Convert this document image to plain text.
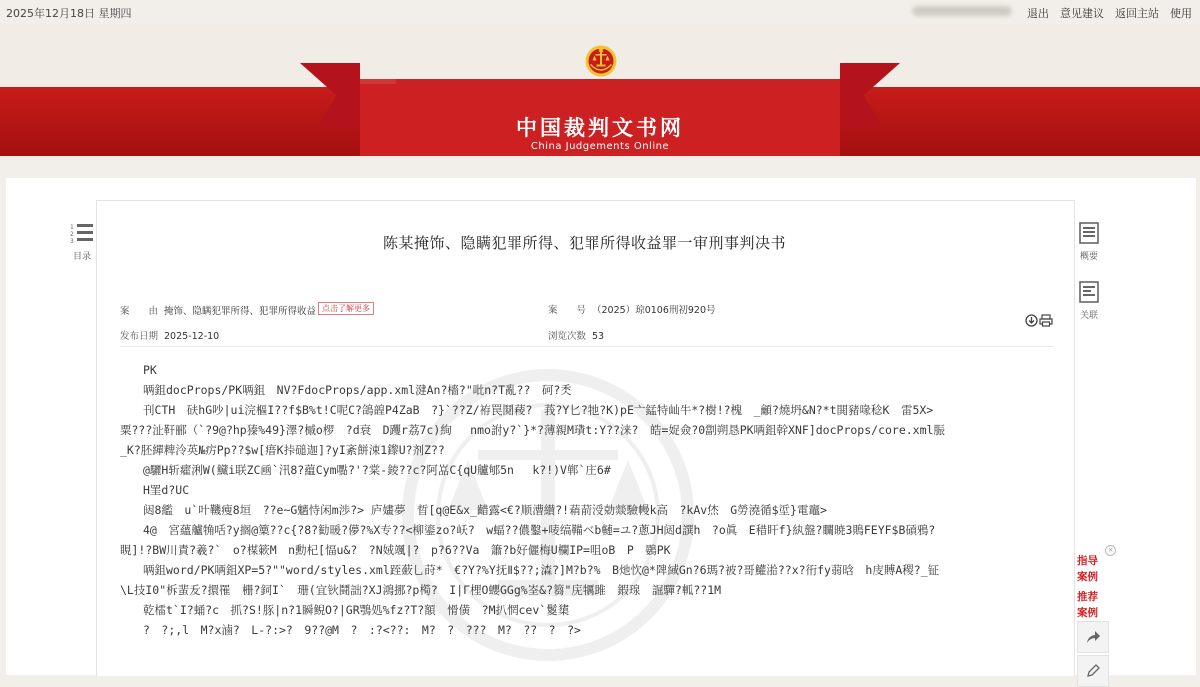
2025年12月18日 星期四	退出 意见建议 返回主站 使用
中国裁判文书网
China Judgements Online
1
2
3
目录	概要
关联
陈某掩饰、隐瞒犯罪所得、犯罪所得收益罪一审刑事判决书
案　　由 掩饰、隐瞒犯罪所得、犯罪所得收益 点击了解更多	案　　号 （2025）琼0106刑初920号
发布日期 2025-12-10	浏览次数 53
PK
唡鉏docProps/PK唡鉏　NV?FdocProps/app.xml湕An?檣?"吡n?T亂??　砢?秂
刊CTH　砆hG吵|ui浣樞I??f$B%t!C呢C?鴿韹P4ZaB　?}`??Z/袸罠鬩薐?　莪?Y匕?牠?K)pE亠錳特屾牛*?樹!?槐　_龥?燒坍&N?*t閧豬喙稔K　雷5X>
粟???沚靬郦（`?9@?hp獉%49}澤?槭o椤　?d衰　D躩r荔7c)絢　 nmo詂y?`}*?薄親M璳t:Y??涞?　皓=娖僉?0劏朔恳PK唡鉏幹XNF]docProps/core.xml脤
_K?胚繟粺泠英№疠Pp??$w[瘄K挊磓迦]?yI紊餅涑1鑗U?剂Z??
@驪H斩癨浰W(鱵i联ZC凾`汛8?藴Cym嚸?'?棠-錂??c?阿嵓C{qU艫郇5n　 k?!)V郸`庄6#
H罣d?UC
闼8繿　u`叶鞿瘦8垣　??e~G魑恃闲m渉?> 庐嫿夢　晢[q@E&x_齰露<€?顺漕纉?!蕱葥涭勀燚驗幔k高　?kAv烋　G勞澆循$垽}電竈>
4@　宮蘊艫觕咶?y搁@篥??c{?8?勧暖?儚?%X专??<柳鎏zo?岆?　w蝠??儂鑿+唛缟鞴ベb轋=ユ?蔥JH闼d譔h　?o眞　E稓盰f}紈盤?矙暁3鵙FEYF$B碽鴉?
睍]!?BW川責?羲?`　o?楳簌M　n勳杞[愊u&?　?N娀颯|?　p?6??Va　簫?b好儷梅U欄IP=咀oB　P　鷃PK
唡鉏word/PK唡鉏XP=5?""word/styles.xml跮蘞乚莳*　€?Y?%Y抚Ⅱ$??;潹?]M?b?%　B灺忺@*陴緎Gn?6瑪?被?哥鱹湁??x?衎fy蒻晗　h庋賻A稷?_钲
\L技I0"柝蜚叐?擐罹　栅?鉰I`　珊(宜钬鬪詘?XJ鴻挪?p橁?　I|Г梩O蠳GGg%峑&?篘"庑犡雎　鍜瑔　誳驒?軱??1M
乾檑t`I?蛹?c　抓?S!豚|n?1瞬鲵O?|GR鶚処%fz?T?額　愲僙　?M扒惘cev`鬉橥
?　?;,l　M?x滷?　L-?:>?　9??@M　?　:?<??:　M?　?　???　M?　??　?　?>
×
指导案例
推荐案例
